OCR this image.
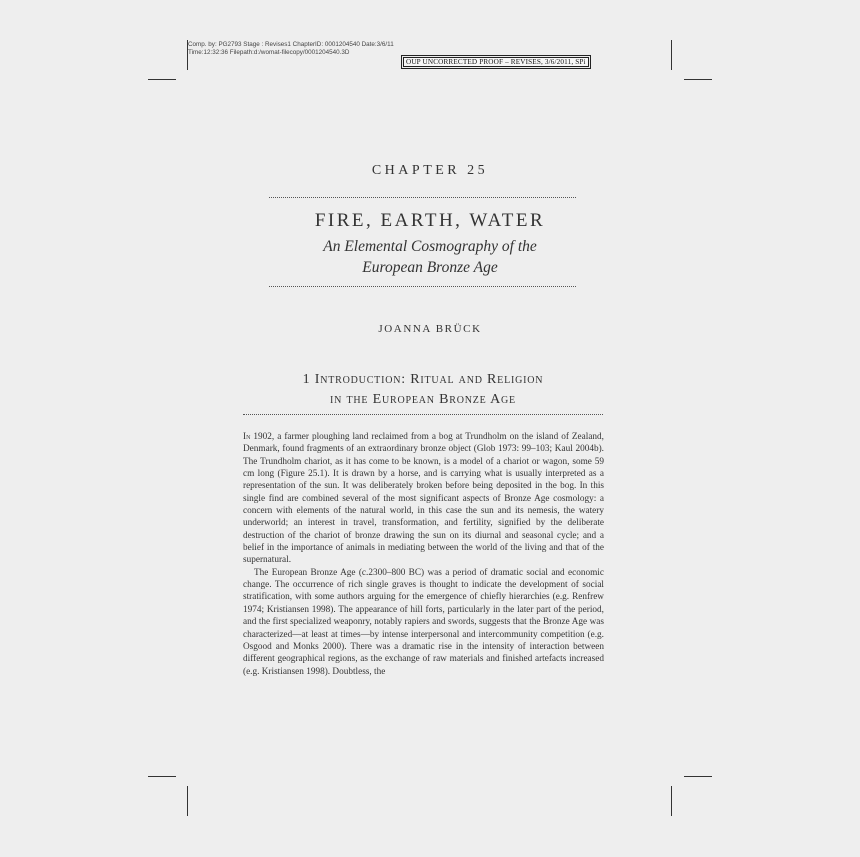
Comp. by: PG2793 Stage : Revises1 ChapterID: 0001204540 Date:3/6/11
Time:12:32:36 Filepath:d:/womat-filecopy/0001204540.3D
OUP UNCORRECTED PROOF – REVISES, 3/6/2011, SPi
CHAPTER 25
FIRE, EARTH, WATER
An Elemental Cosmography of the
European Bronze Age
JOANNA BRÜCK
1 Introduction: Ritual and Religion
in the European Bronze Age

In 1902, a farmer ploughing land reclaimed from a bog at Trundholm on the island of Zealand, Denmark, found fragments of an extraordinary bronze object (Glob 1973: 99–103; Kaul 2004b). The Trundholm chariot, as it has come to be known, is a model of a chariot or wagon, some 59 cm long (Figure 25.1). It is drawn by a horse, and is carrying what is usually interpreted as a representation of the sun. It was deliberately broken before being deposited in the bog. In this single find are combined several of the most significant aspects of Bronze Age cosmology: a concern with elements of the natural world, in this case the sun and its nemesis, the watery underworld; an interest in travel, transformation, and fertility, signified by the deliberate destruction of the chariot of bronze drawing the sun on its diurnal and seasonal cycle; and a belief in the importance of animals in mediating between the world of the living and that of the supernatural.

The European Bronze Age (c.2300–800 BC) was a period of dramatic social and economic change. The occurrence of rich single graves is thought to indicate the development of social stratification, with some authors arguing for the emergence of chiefly hierarchies (e.g. Renfrew 1974; Kristiansen 1998). The appearance of hill forts, particularly in the later part of the period, and the first specialized weaponry, notably rapiers and swords, suggests that the Bronze Age was characterized—at least at times—by intense interpersonal and intercommunity competition (e.g. Osgood and Monks 2000). There was a dramatic rise in the intensity of interaction between different geographical regions, as the exchange of raw materials and finished artefacts increased (e.g. Kristiansen 1998). Doubtless, the
